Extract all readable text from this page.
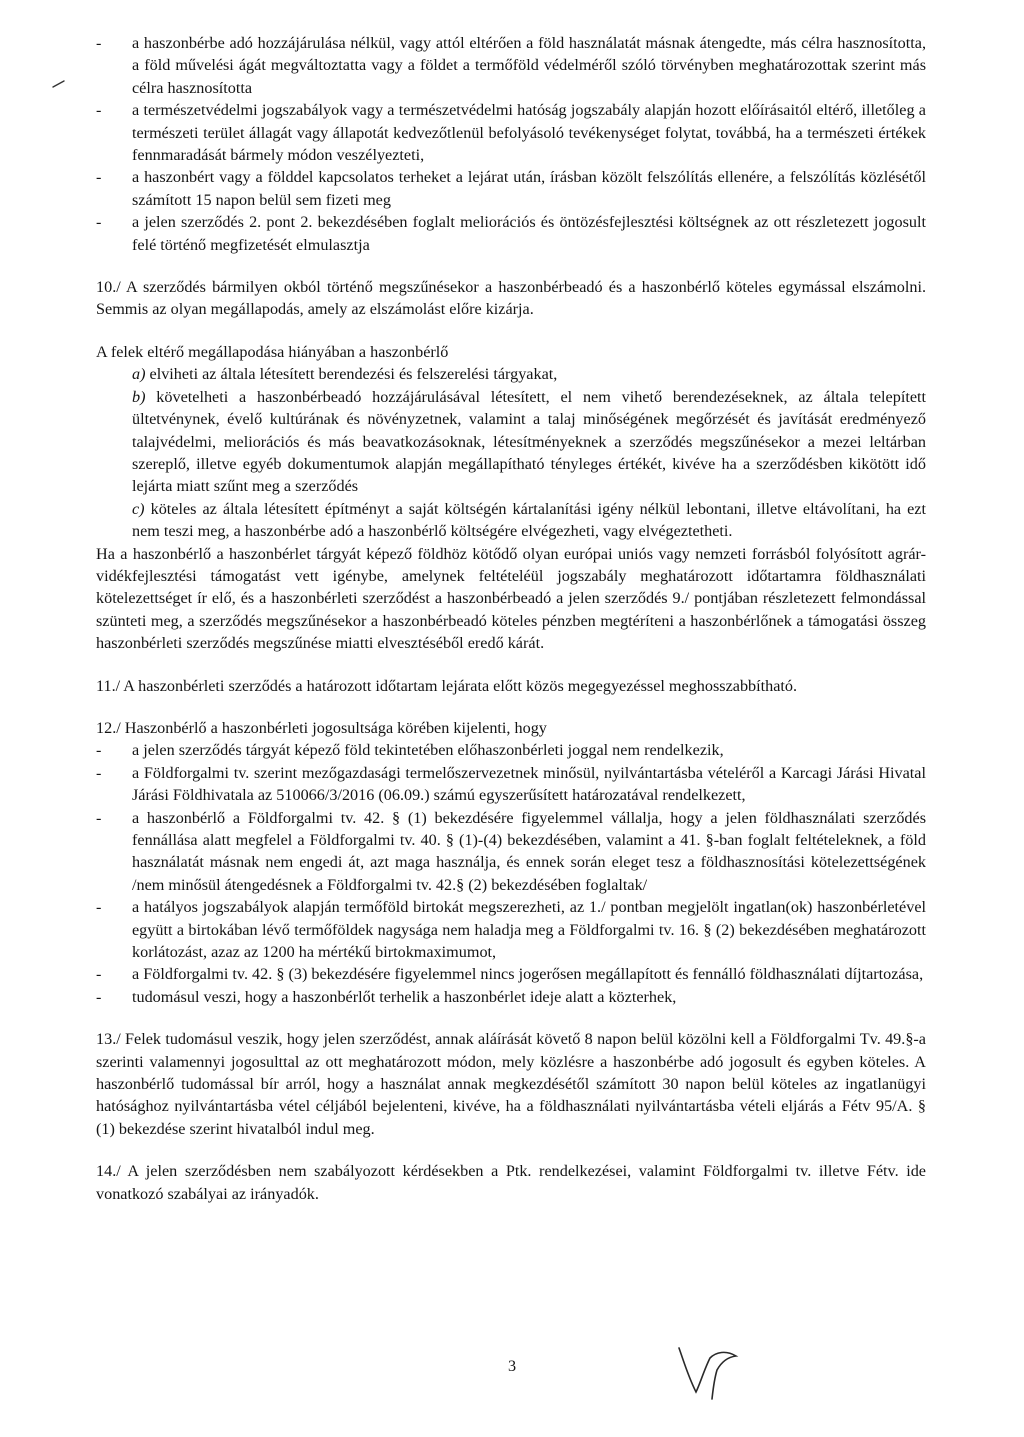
- a haszonbérbe adó hozzájárulása nélkül, vagy attól eltérően a föld használatát másnak átengedte, más célra hasznosította, a föld művelési ágát megváltoztatta vagy a földet a termőföld védelméről szóló törvényben meghatározottak szerint más célra hasznosította
- a természetvédelmi jogszabályok vagy a természetvédelmi hatóság jogszabály alapján hozott előírásaitól eltérő, illetőleg a természeti terület állagát vagy állapotát kedvezőtlenül befolyásoló tevékenységet folytat, továbbá, ha a természeti értékek fennmaradását bármely módon veszélyezteti,
- a haszonbért vagy a földdel kapcsolatos terheket a lejárat után, írásban közölt felszólítás ellenére, a felszólítás közlésétől számított 15 napon belül sem fizeti meg
- a jelen szerződés 2. pont 2. bekezdésében foglalt meliorációs és öntözésfejlesztési költségnek az ott részletezett jogosult felé történő megfizetését elmulasztja

10./ A szerződés bármilyen okból történő megszűnésekor a haszonbérbeadó és a haszonbérlő köteles egymással elszámolni. Semmis az olyan megállapodás, amely az elszámolást előre kizárja.

A felek eltérő megállapodása hiányában a haszonbérlő

a) elviheti az általa létesített berendezési és felszerelési tárgyakat,

b) követelheti a haszonbérbeadó hozzájárulásával létesített, el nem vihető berendezéseknek, az általa telepített ültetvénynek, évelő kultúrának és növényzetnek, valamint a talaj minőségének megőrzését és javítását eredményező talajvédelmi, meliorációs és más beavatkozásoknak, létesítményeknek a szerződés megszűnésekor a mezei leltárban szereplő, illetve egyéb dokumentumok alapján megállapítható tényleges értékét, kivéve ha a szerződésben kikötött idő lejárta miatt szűnt meg a szerződés

c) köteles az általa létesített építményt a saját költségén kártalanítási igény nélkül lebontani, illetve eltávolítani, ha ezt nem teszi meg, a haszonbérbe adó a haszonbérlő költségére elvégezheti, vagy elvégeztetheti.

Ha a haszonbérlő a haszonbérlet tárgyát képező földhöz kötődő olyan európai uniós vagy nemzeti forrásból folyósított agrár-vidékfejlesztési támogatást vett igénybe, amelynek feltételéül jogszabály meghatározott időtartamra földhasználati kötelezettséget ír elő, és a haszonbérleti szerződést a haszonbérbeadó a jelen szerződés 9./ pontjában részletezett felmondással szünteti meg, a szerződés megszűnésekor a haszonbérbeadó köteles pénzben megtéríteni a haszonbérlőnek a támogatási összeg haszonbérleti szerződés megszűnése miatti elvesztéséből eredő kárát.

11./ A haszonbérleti szerződés a határozott időtartam lejárata előtt közös megegyezéssel meghosszabbítható.

12./ Haszonbérlő a haszonbérleti jogosultsága körében kijelenti, hogy

- a jelen szerződés tárgyát képező föld tekintetében előhaszonbérleti joggal nem rendelkezik,
- a Földforgalmi tv. szerint mezőgazdasági termelőszervezetnek minősül, nyilvántartásba vételéről a Karcagi Járási Hivatal Járási Földhivatala az 510066/3/2016 (06.09.) számú egyszerűsített határozatával rendelkezett,
- a haszonbérlő a Földforgalmi tv. 42. § (1) bekezdésére figyelemmel vállalja, hogy a jelen földhasználati szerződés fennállása alatt megfelel a Földforgalmi tv. 40. § (1)-(4) bekezdésében, valamint a 41. §-ban foglalt feltételeknek, a föld használatát másnak nem engedi át, azt maga használja, és ennek során eleget tesz a földhasznosítási kötelezettségének /nem minősül átengedésnek a Földforgalmi tv. 42.§ (2) bekezdésében foglaltak/
- a hatályos jogszabályok alapján termőföld birtokát megszerezheti, az 1./ pontban megjelölt ingatlan(ok) haszonbérletével együtt a birtokában lévő termőföldek nagysága nem haladja meg a Földforgalmi tv. 16. § (2) bekezdésében meghatározott korlátozást, azaz az 1200 ha mértékű birtokmaximumot,
- a Földforgalmi tv. 42. § (3) bekezdésére figyelemmel nincs jogerősen megállapított és fennálló földhasználati díjtartozása,
- tudomásul veszi, hogy a haszonbérlőt terhelik a haszonbérlet ideje alatt a közterhek,

13./ Felek tudomásul veszik, hogy jelen szerződést, annak aláírását követő 8 napon belül közölni kell a Földforgalmi Tv. 49.§-a szerinti valamennyi jogosulttal az ott meghatározott módon, mely közlésre a haszonbérbe adó jogosult és egyben köteles. A haszonbérlő tudomással bír arról, hogy a használat annak megkezdésétől számított 30 napon belül köteles az ingatlanügyi hatósághoz nyilvántartásba vétel céljából bejelenteni, kivéve, ha a földhasználati nyilvántartásba vételi eljárás a Fétv 95/A. § (1) bekezdése szerint hivatalból indul meg.

14./ A jelen szerződésben nem szabályozott kérdésekben a Ptk. rendelkezései, valamint Földforgalmi tv. illetve Fétv. ide vonatkozó szabályai az irányadók.

3
